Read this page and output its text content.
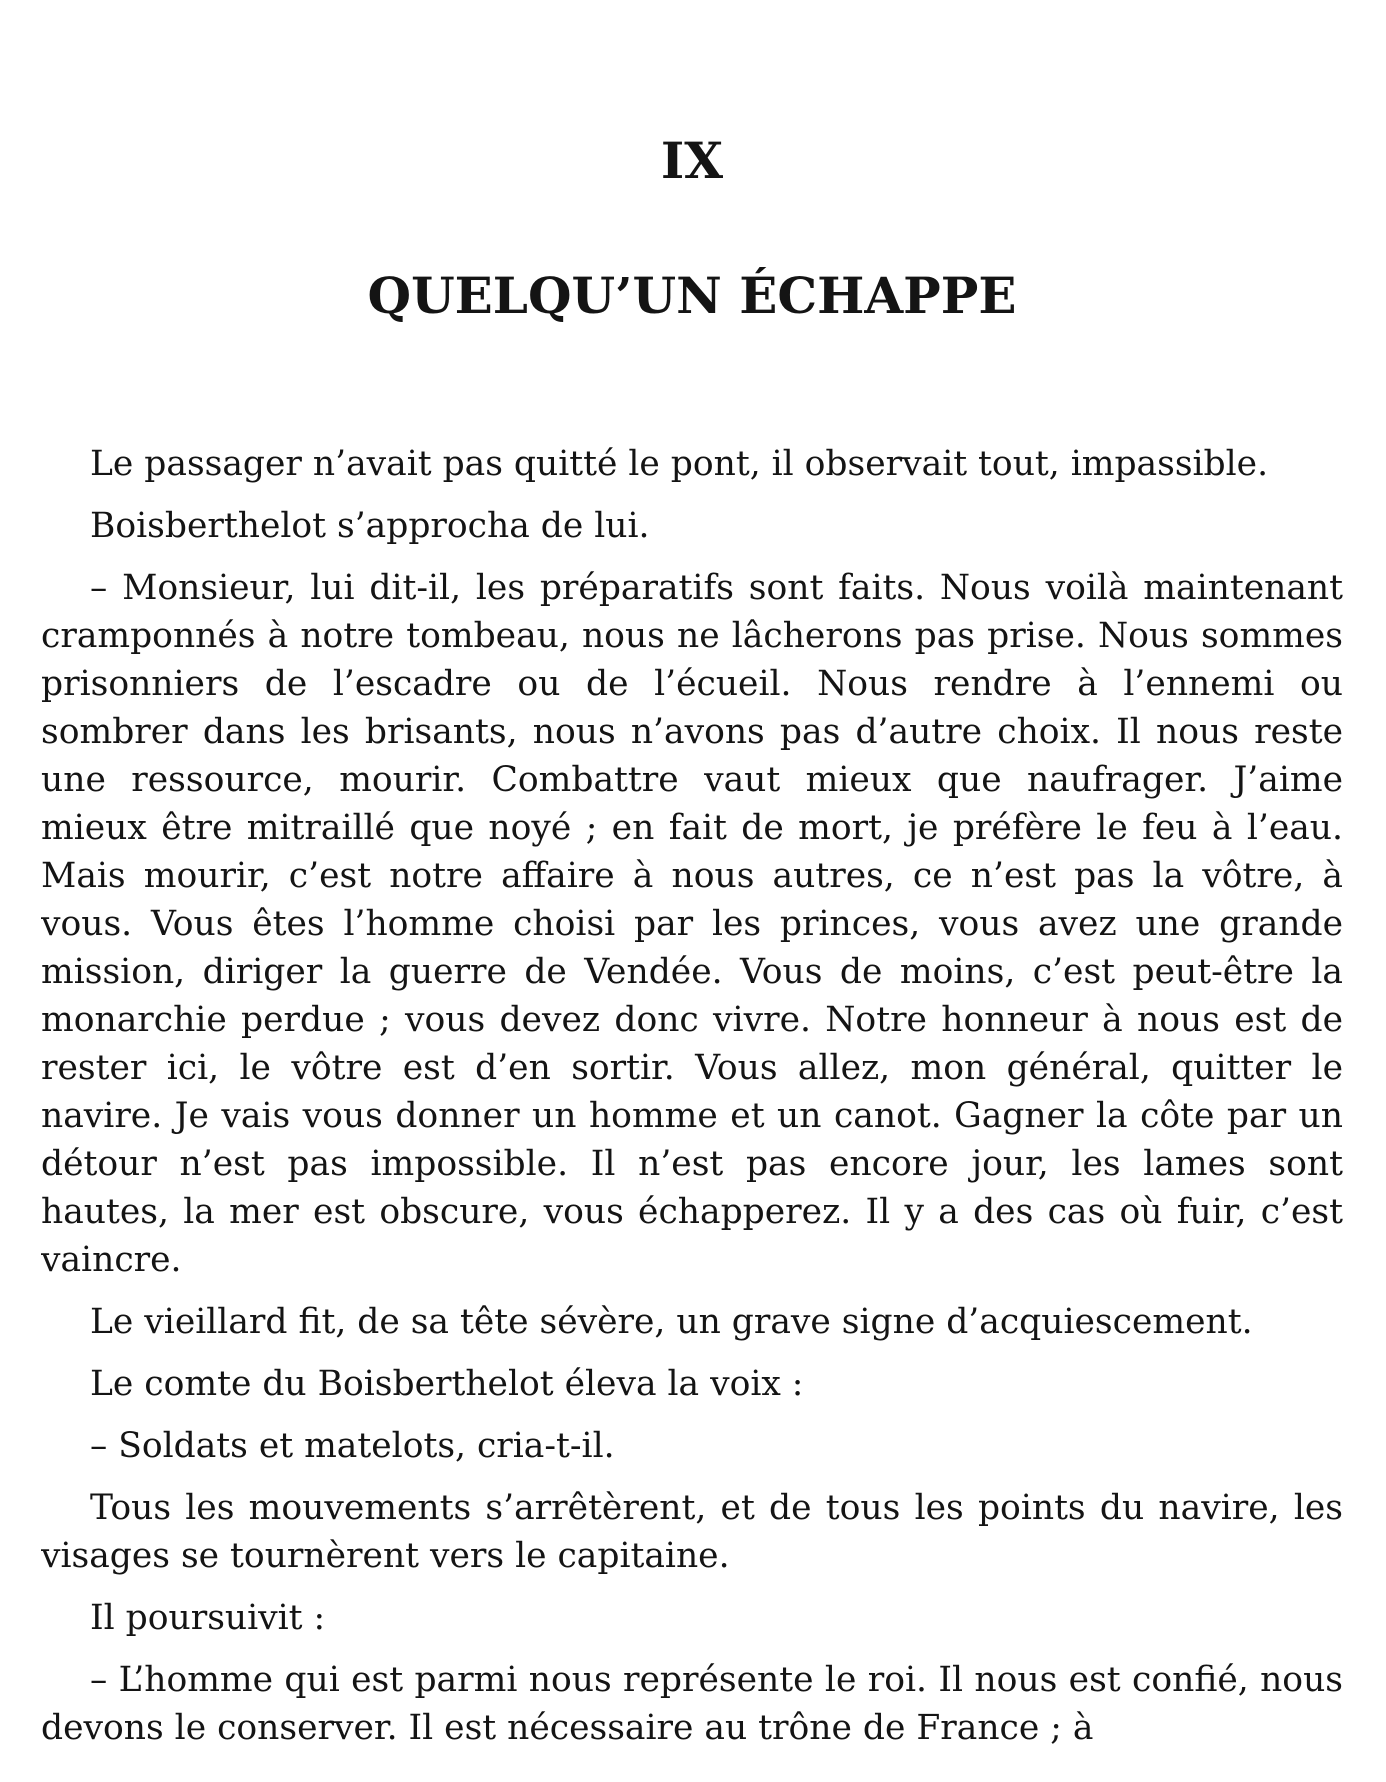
IX
QUELQU’UN ÉCHAPPE

Le passager n’avait pas quitté le pont, il observait tout, impassible.

Boisberthelot s’approcha de lui.

– Monsieur, lui dit-il, les préparatifs sont faits. Nous voilà maintenant cramponnés à notre tombeau, nous ne lâcherons pas prise. Nous sommes prisonniers de l’escadre ou de l’écueil. Nous rendre à l’ennemi ou sombrer dans les brisants, nous n’avons pas d’autre choix. Il nous reste une ressource, mourir. Combattre vaut mieux que naufrager. J’aime mieux être mitraillé que noyé ; en fait de mort, je préfère le feu à l’eau. Mais mourir, c’est notre affaire à nous autres, ce n’est pas la vôtre, à vous. Vous êtes l’homme choisi par les princes, vous avez une grande mission, diriger la guerre de Vendée. Vous de moins, c’est peut-être la monarchie perdue ; vous devez donc vivre. Notre honneur à nous est de rester ici, le vôtre est d’en sortir. Vous allez, mon général, quitter le navire. Je vais vous donner un homme et un canot. Gagner la côte par un détour n’est pas impossible. Il n’est pas encore jour, les lames sont hautes, la mer est obscure, vous échapperez. Il y a des cas où fuir, c’est vaincre.

Le vieillard fit, de sa tête sévère, un grave signe d’acquiescement.

Le comte du Boisberthelot éleva la voix :

– Soldats et matelots, cria-t-il.

Tous les mouvements s’arrêtèrent, et de tous les points du navire, les visages se tournèrent vers le capitaine.

Il poursuivit :

– L’homme qui est parmi nous représente le roi. Il nous est confié, nous devons le conserver. Il est nécessaire au trône de France ; à
